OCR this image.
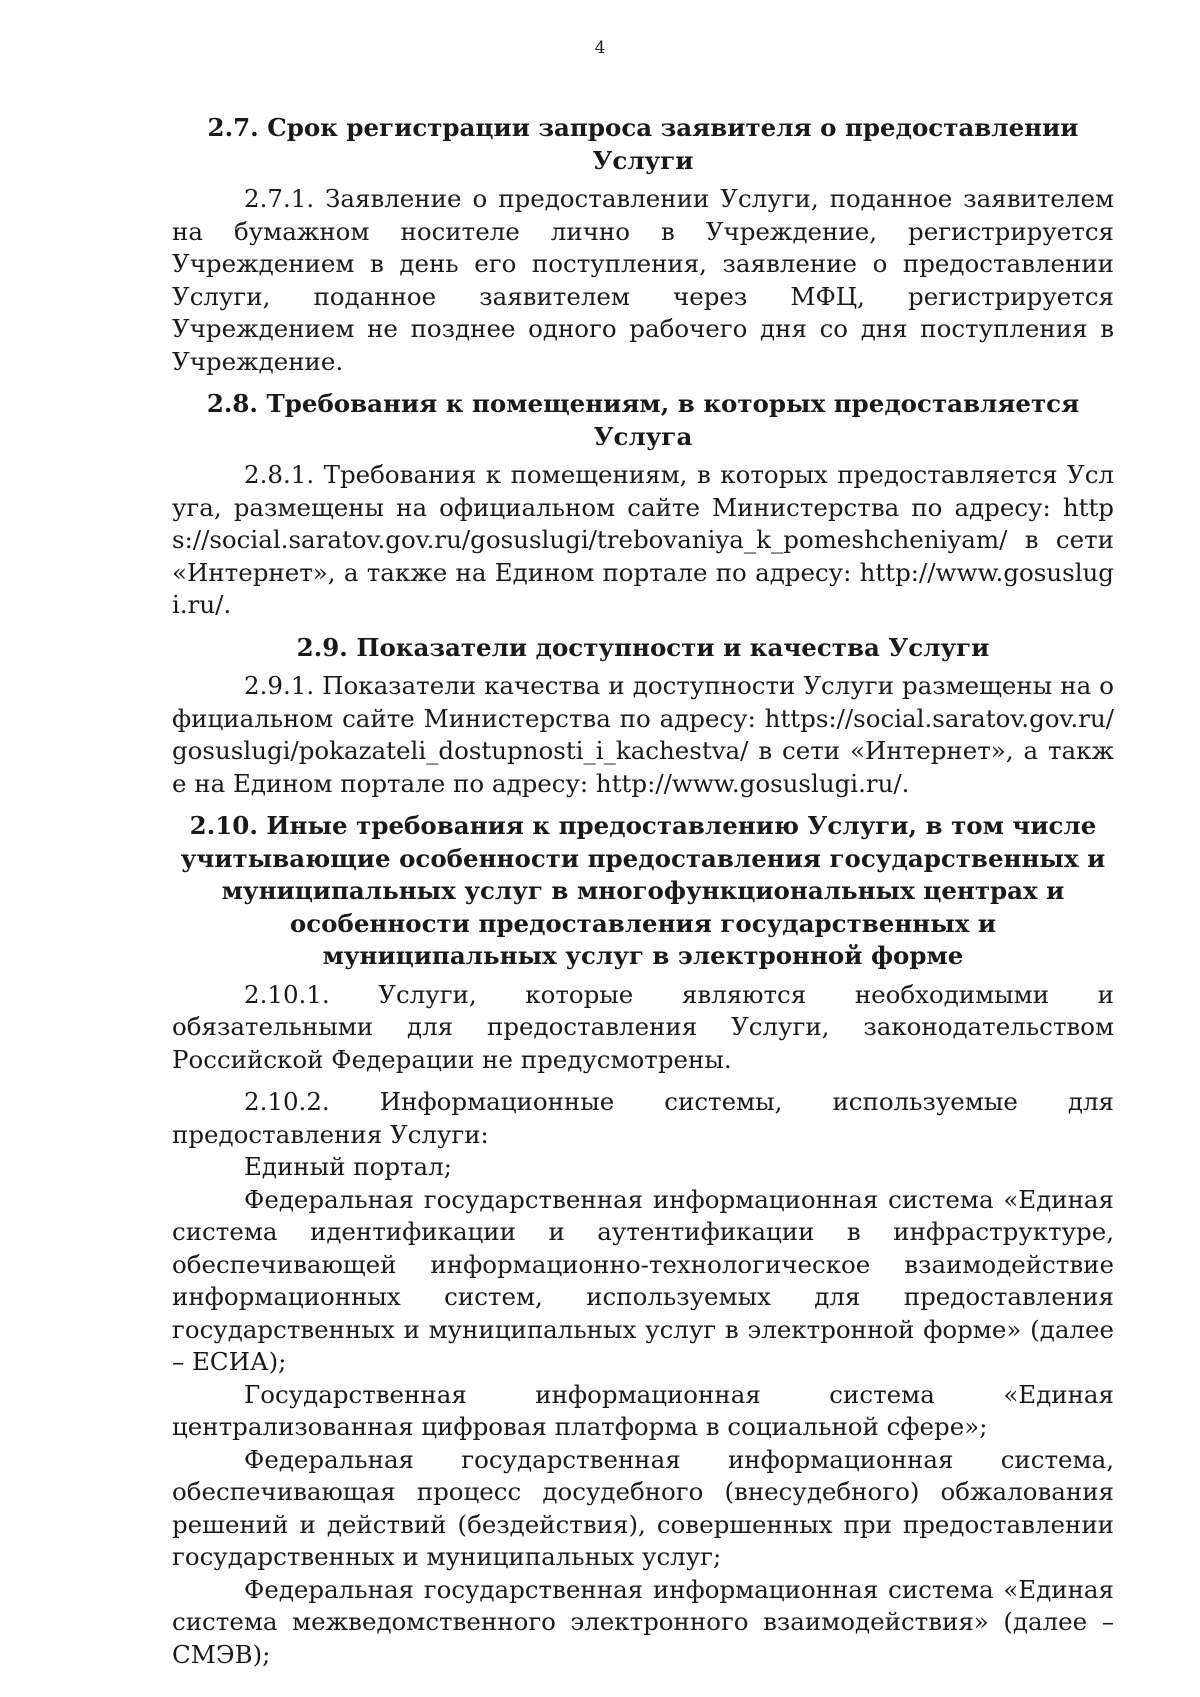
4
2.7. Срок регистрации запроса заявителя о предоставлении Услуги

2.7.1. Заявление о предоставлении Услуги, поданное заявителем на бумажном носителе лично в Учреждение, регистрируется Учреждением в день его поступления, заявление о предоставлении Услуги, поданное заявителем через МФЦ, регистрируется Учреждением не позднее одного рабочего дня со дня поступления в Учреждение.

2.8. Требования к помещениям, в которых предоставляется Услуга

2.8.1. Требования к помещениям, в которых предоставляется Услуга, размещены на официальном сайте Министерства по адресу: https://social.saratov.gov.ru/gosuslugi/trebovaniya_k_pomeshcheniyam/ в сети «Интернет», а также на Едином портале по адресу: http://www.gosuslugi.ru/.

2.9. Показатели доступности и качества Услуги

2.9.1. Показатели качества и доступности Услуги размещены на официальном сайте Министерства по адресу: https://social.saratov.gov.ru/gosuslugi/pokazateli_dostupnosti_i_kachestva/ в сети «Интернет», а также на Едином портале по адресу: http://www.gosuslugi.ru/.

2.10. Иные требования к предоставлению Услуги, в том числе учитывающие особенности предоставления государственных и муниципальных услуг в многофункциональных центрах и особенности предоставления государственных и муниципальных услуг в электронной форме

2.10.1. Услуги, которые являются необходимыми и обязательными для предоставления Услуги, законодательством Российской Федерации не предусмотрены.

2.10.2. Информационные системы, используемые для предоставления Услуги:

Единый портал;

Федеральная государственная информационная система «Единая система идентификации и аутентификации в инфраструктуре, обеспечивающей информационно-технологическое взаимодействие информационных систем, используемых для предоставления государственных и муниципальных услуг в электронной форме» (далее – ЕСИА);

Государственная информационная система «Единая централизованная цифровая платформа в социальной сфере»;

Федеральная государственная информационная система, обеспечивающая процесс досудебного (внесудебного) обжалования решений и действий (бездействия), совершенных при предоставлении государственных и муниципальных услуг;

Федеральная государственная информационная система «Единая система межведомственного электронного взаимодействия» (далее – СМЭВ);
